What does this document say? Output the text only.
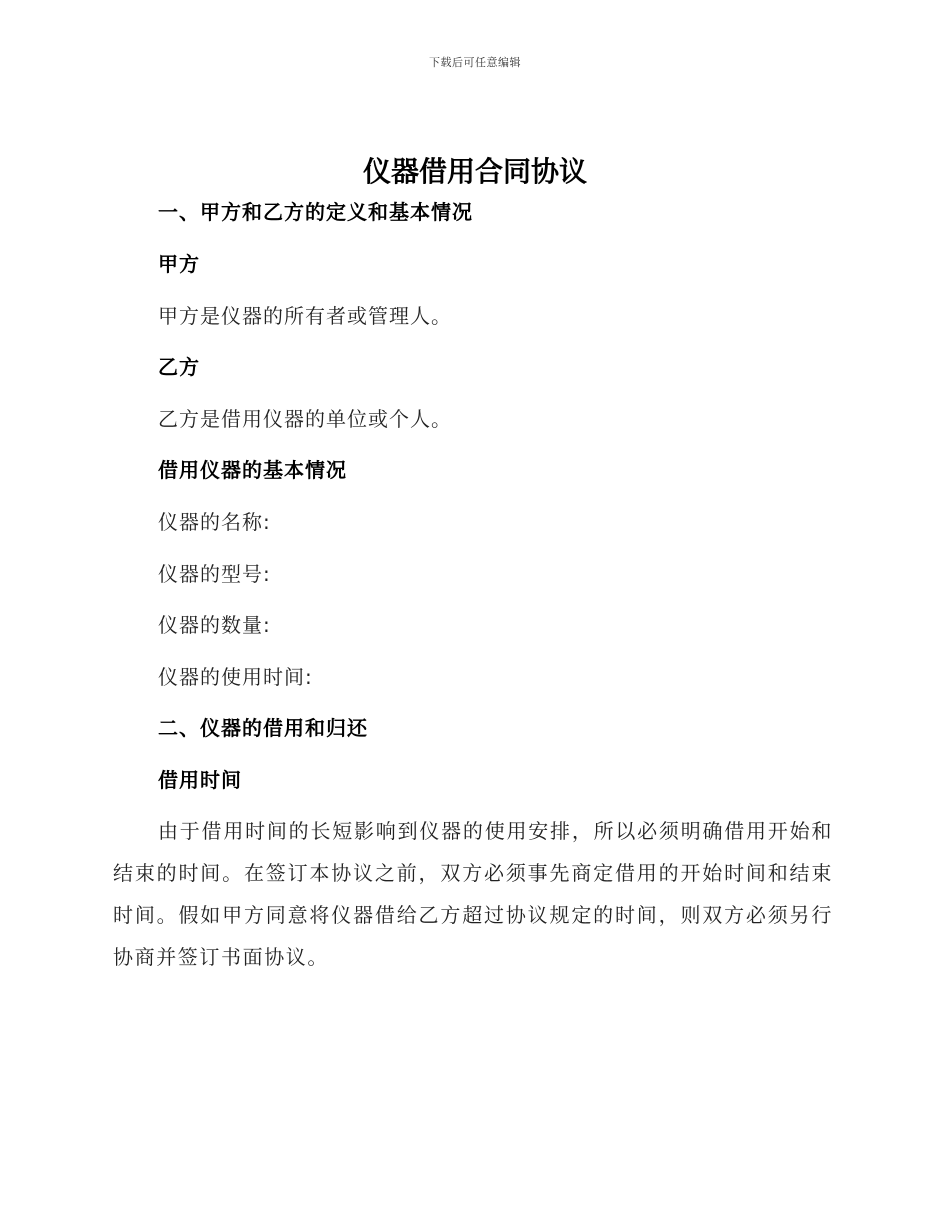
下载后可任意编辑
仪器借用合同协议
一、甲方和乙方的定义和基本情况
甲方
甲方是仪器的所有者或管理人。
乙方
乙方是借用仪器的单位或个人。
借用仪器的基本情况
仪器的名称:
仪器的型号:
仪器的数量:
仪器的使用时间:
二、仪器的借用和归还
借用时间

由于借用时间的长短影响到仪器的使用安排，所以必须明确借用开始和结束的时间。在签订本协议之前，双方必须事先商定借用的开始时间和结束时间。假如甲方同意将仪器借给乙方超过协议规定的时间，则双方必须另行协商并签订书面协议。
